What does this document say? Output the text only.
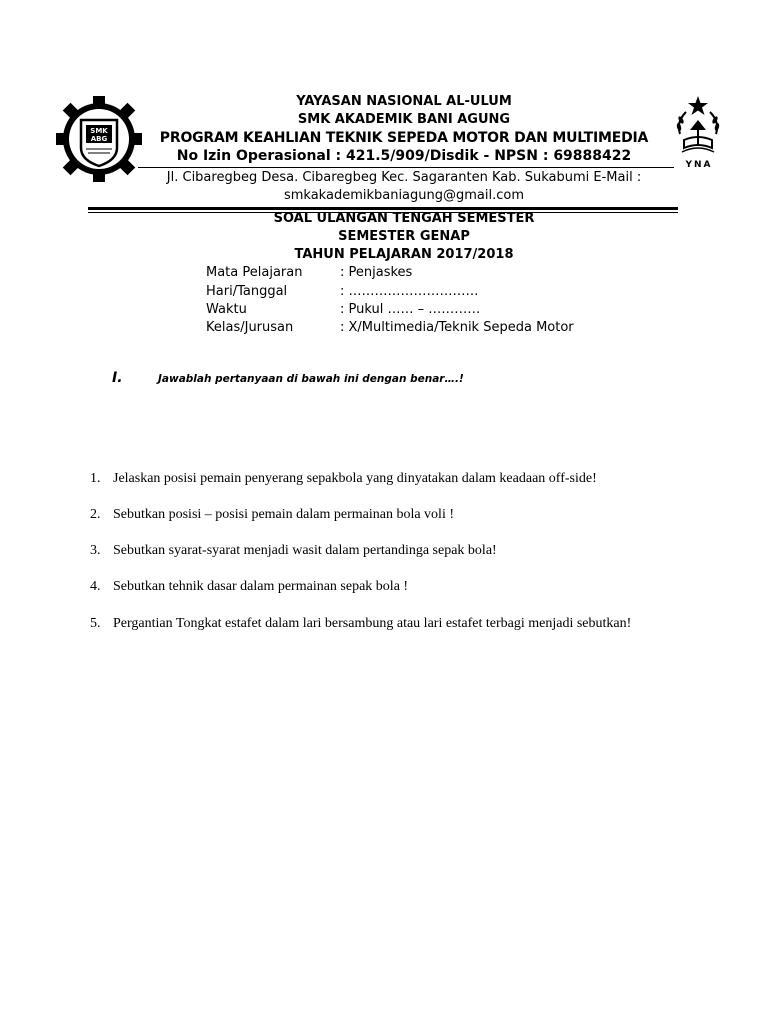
SMK
ABG
YNA
YAYASAN NASIONAL AL-ULUM
SMK AKADEMIK BANI AGUNG
PROGRAM KEAHLIAN TEKNIK SEPEDA MOTOR DAN MULTIMEDIA
No Izin Operasional : 421.5/909/Disdik - NPSN : 69888422
Jl. Cibaregbeg Desa. Cibaregbeg Kec. Sagaranten Kab. Sukabumi E-Mail :
smkakademikbaniagung@gmail.com
SOAL ULANGAN TENGAH SEMESTER
SEMESTER GENAP
TAHUN PELAJARAN 2017/2018
Mata Pelajaran	: Penjaskes
Hari/Tanggal	: …………………………
Waktu	: Pukul …… – …………
Kelas/Jurusan	: X/Multimedia/Teknik Sepeda Motor
I.	Jawablah pertanyaan di bawah ini dengan benar….!
1. Jelaskan posisi pemain penyerang sepakbola yang dinyatakan dalam keadaan off-side!
2. Sebutkan posisi – posisi pemain dalam permainan bola voli !
3. Sebutkan syarat-syarat menjadi wasit dalam pertandinga sepak bola!
4. Sebutkan tehnik dasar dalam permainan sepak bola !
5. Pergantian Tongkat estafet dalam lari bersambung atau lari estafet terbagi menjadi sebutkan!
